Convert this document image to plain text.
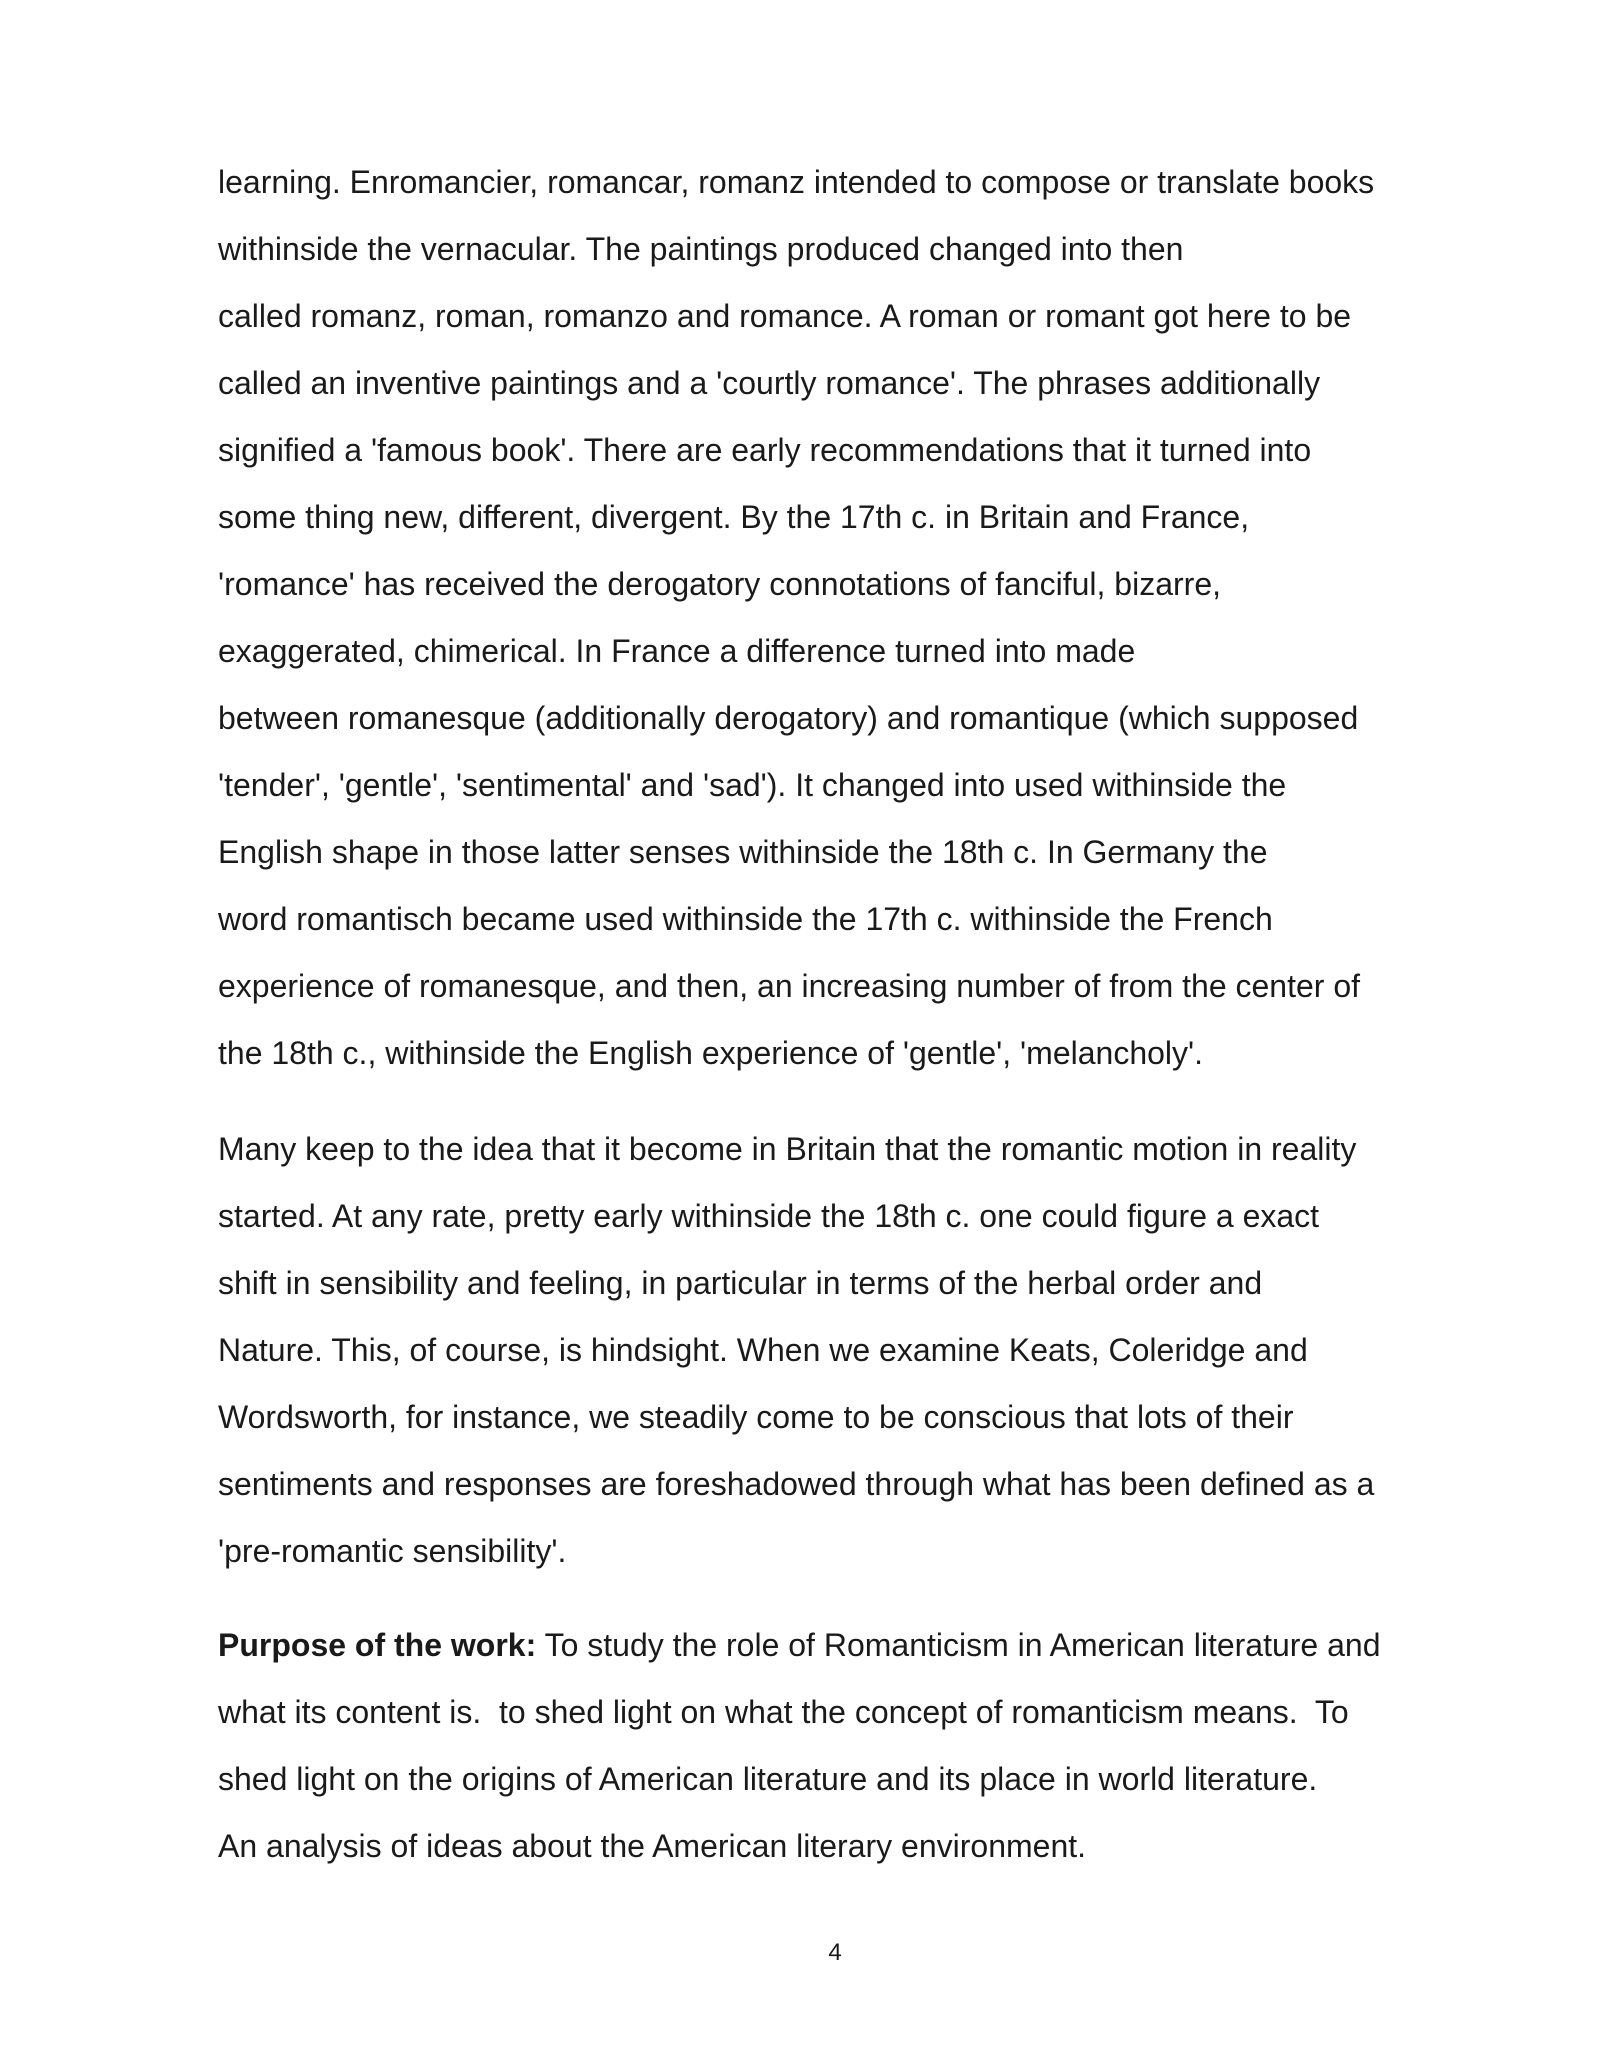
learning. Enromancier, romancar, romanz intended to compose or translate books
withinside the vernacular. The paintings produced changed into then
called romanz, roman, romanzo and romance. A roman or romant got here to be
called an inventive paintings and a 'courtly romance'. The phrases additionally
signified a 'famous book'. There are early recommendations that it turned into
some thing new, different, divergent. By the 17th c. in Britain and France,
'romance' has received the derogatory connotations of fanciful, bizarre,
exaggerated, chimerical. In France a difference turned into made
between romanesque (additionally derogatory) and romantique (which supposed
'tender', 'gentle', 'sentimental' and 'sad'). It changed into used withinside the
English shape in those latter senses withinside the 18th c. In Germany the
word romantisch became used withinside the 17th c. withinside the French
experience of romanesque, and then, an increasing number of from the center of
the 18th c., withinside the English experience of 'gentle', 'melancholy'.
Many keep to the idea that it become in Britain that the romantic motion in reality
started. At any rate, pretty early withinside the 18th c. one could figure a exact
shift in sensibility and feeling, in particular in terms of the herbal order and
Nature. This, of course, is hindsight. When we examine Keats, Coleridge and
Wordsworth, for instance, we steadily come to be conscious that lots of their
sentiments and responses are foreshadowed through what has been defined as a
'pre-romantic sensibility'.
Purpose of the work: To study the role of Romanticism in American literature and
what its content is.  to shed light on what the concept of romanticism means.  To
shed light on the origins of American literature and its place in world literature.
An analysis of ideas about the American literary environment.
4
